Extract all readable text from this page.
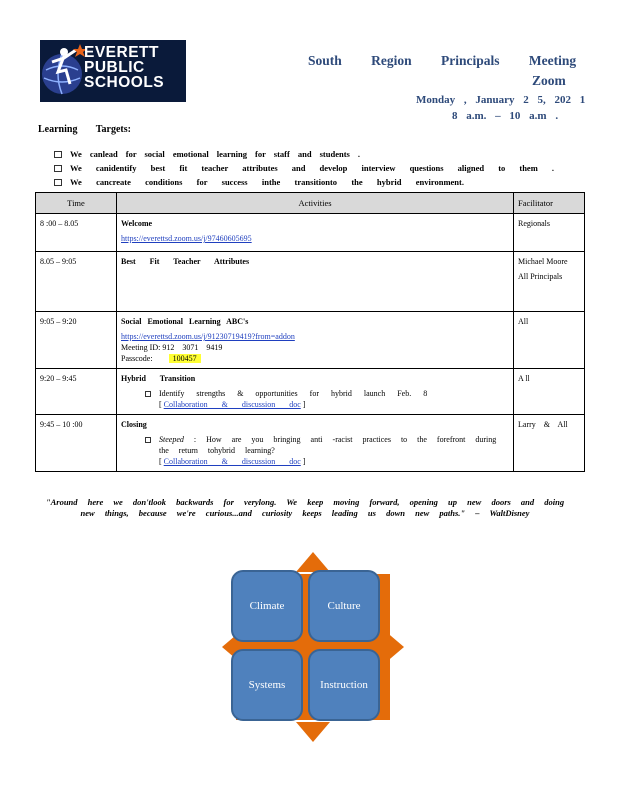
EVERETT
PUBLIC
SCHOOLS
South Region Principals Meeting
Zoom
Monday , January 2 5, 202 1
8 a.m. – 10 a.m .
Learning Targets:
We canlead for social emotional learning for staff and students .
We canidentify best fit teacher attributes and develop interview questions aligned to them .
We cancreate conditions for success inthe transitionto the hybrid environment.
Time	Activities	Facilitator
8 :00 – 8.05	Welcome
https://everettsd.zoom.us/j/97460605695	Regionals
8.05 – 9:05	Best Fit Teacher Attributes	Michael Moore
All Principals

9:05 – 9:20	Social Emotional Learning ABC's
https://everettsd.zoom.us/j/91230719419?from=addon
Meeting ID: 912 3071 9419
Passcode: 100457	All
9:20 – 9:45	Hybrid Transition
Identify strengths & opportunities for hybrid launch Feb. 8
[ Collaboration & discussion doc ]	A ll
9:45 – 10 :00	Closing
Steeped : How are you bringing anti -racist practices to the forefront during
the return tohybrid learning?
[ Collaboration & discussion doc ]	Larry & All
"Around here we don'tlook backwards for verylong. We keep moving forward, opening up new doors and doing
new things, because we're curious...and curiosity keeps leading us down new paths." – WaltDisney
Climate	Culture
Systems	Instruction
